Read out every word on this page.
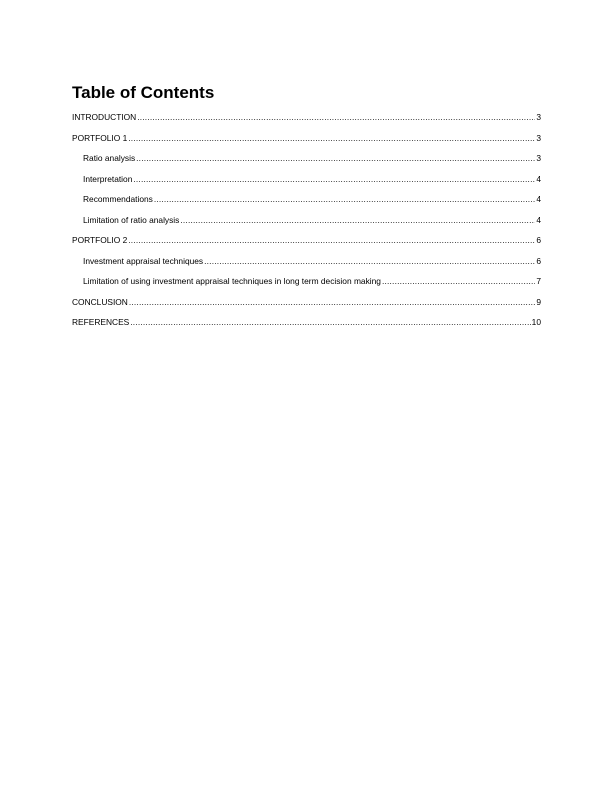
Table of Contents
INTRODUCTION .....	3
PORTFOLIO 1 .....	3
Ratio analysis .....	3
Interpretation .....	4
Recommendations .....	4
Limitation of ratio analysis .....	4
PORTFOLIO 2 .....	6
Investment appraisal techniques .....	6
Limitation of using investment appraisal techniques in long term decision making .....	7
CONCLUSION .....	9
REFERENCES .....	10
